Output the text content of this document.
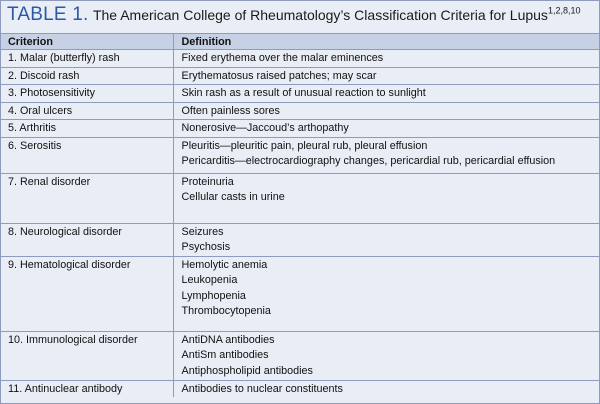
TABLE 1. The American College of Rheumatology’s Classification Criteria for Lupus$^{1,2,8,10}$
Criterion	Definition
1. Malar (butterfly) rash	Fixed erythema over the malar eminences

2. Discoid rash	Erythematosus raised patches; may scar

3. Photosensitivity	Skin rash as a result of unusual reaction to sunlight

4. Oral ulcers	Often painless sores

5. Arthritis	Nonerosive—Jaccoud’s arthopathy

6. Serositis	Pleuritis—pleuritic pain, pleural rub, pleural effusion
Pericarditis—electrocardiography changes, pericardial rub, pericardial effusion

7. Renal disorder	Proteinuria
Cellular casts in urine

8. Neurological disorder	Seizures
Psychosis

9. Hematological disorder	Hemolytic anemia
Leukopenia
Lymphopenia
Thrombocytopenia

10. Immunological disorder	AntiDNA antibodies
AntiSm antibodies
Antiphospholipid antibodies

11. Antinuclear antibody	Antibodies to nuclear constituents
